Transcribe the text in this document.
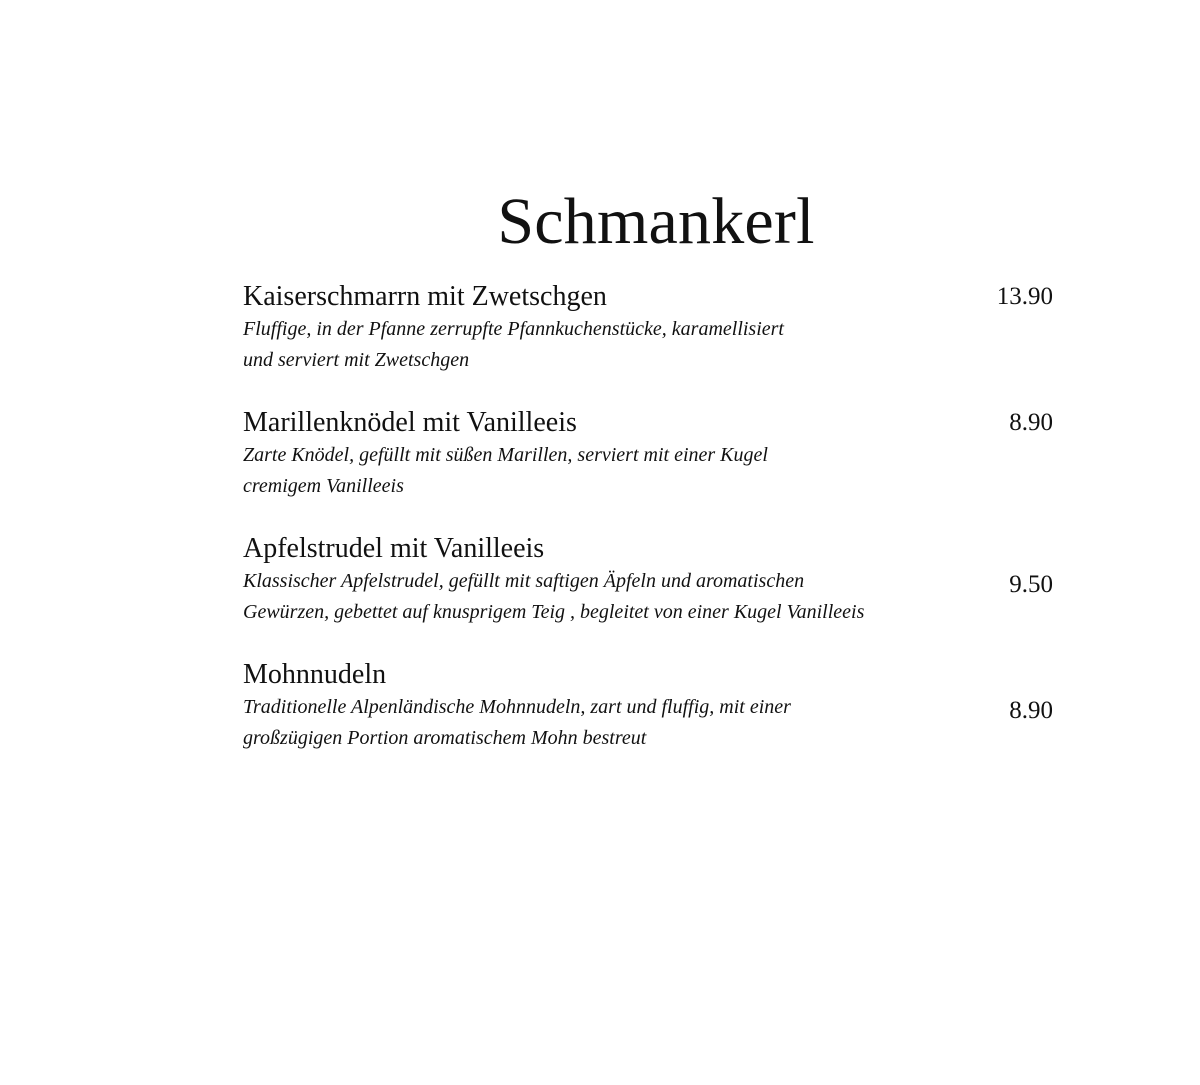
Schmankerl

Kaiserschmarrn mit Zwetschgen	13.90

Fluffige, in der Pfanne zerrupfte Pfannkuchenstücke, karamellisiert
und serviert mit Zwetschgen

Marillenknödel mit Vanilleeis	8.90

Zarte Knödel, gefüllt mit süßen Marillen, serviert mit einer Kugel
cremigem Vanilleeis

Apfelstrudel mit Vanilleeis

9.50

Klassischer Apfelstrudel, gefüllt mit saftigen Äpfeln und aromatischen
Gewürzen, gebettet auf knusprigem Teig , begleitet von einer Kugel Vanilleeis

Mohnnudeln

8.90

Traditionelle Alpenländische Mohnnudeln, zart und fluffig, mit einer
großzügigen Portion aromatischem Mohn bestreut
